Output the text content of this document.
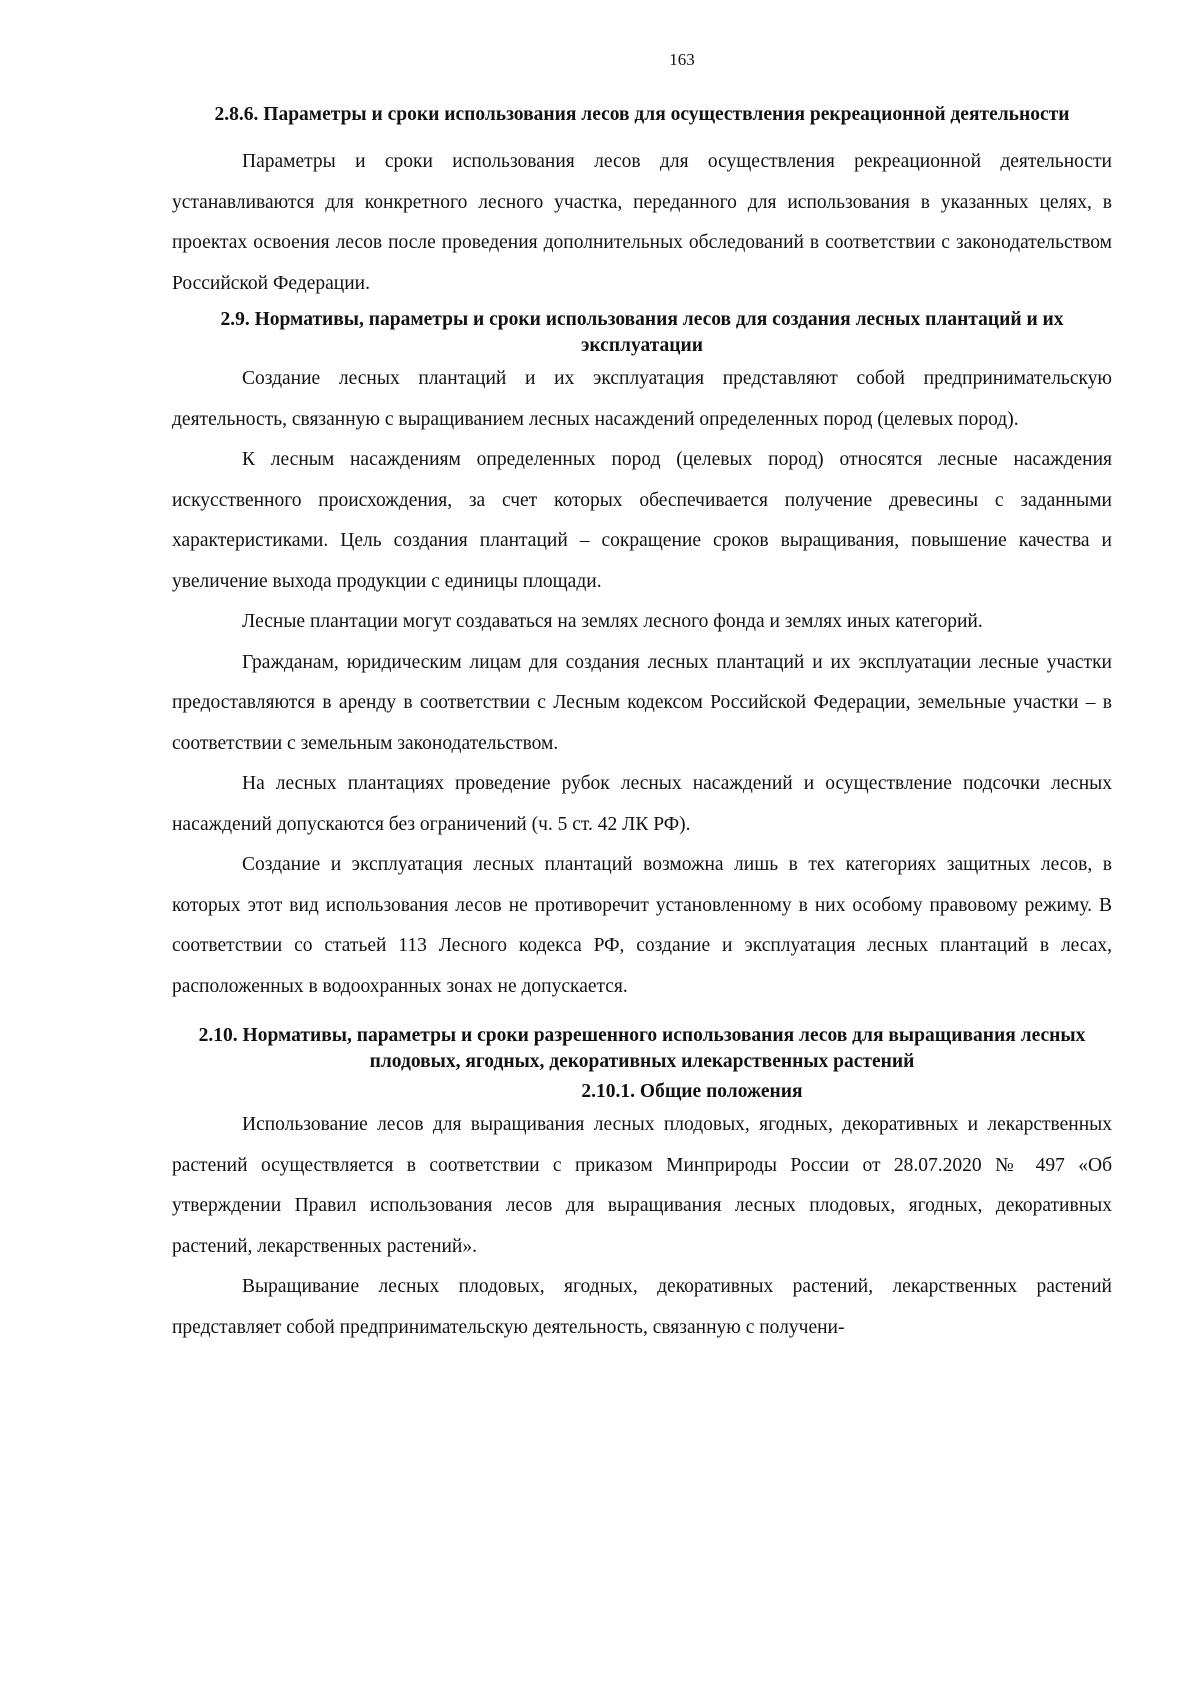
163
2.8.6. Параметры и сроки использования лесов для осуществления рекреационной деятельности

Параметры и сроки использования лесов для осуществления рекреационной деятельности устанавливаются для конкретного лесного участка, переданного для использования в указанных целях, в проектах освоения лесов после проведения дополнительных обследований в соответствии с законодательством Российской Федерации.

2.9. Нормативы, параметры и сроки использования лесов для создания лесных плантаций и их эксплуатации

Создание лесных плантаций и их эксплуатация представляют собой предпринимательскую деятельность, связанную с выращиванием лесных насаждений определенных пород (целевых пород).

К лесным насаждениям определенных пород (целевых пород) относятся лесные насаждения искусственного происхождения, за счет которых обеспечивается получение древесины с заданными характеристиками. Цель создания плантаций – сокращение сроков выращивания, повышение качества и увеличение выхода продукции с единицы площади.

Лесные плантации могут создаваться на землях лесного фонда и землях иных категорий.

Гражданам, юридическим лицам для создания лесных плантаций и их эксплуатации лесные участки предоставляются в аренду в соответствии с Лесным кодексом Российской Федерации, земельные участки – в соответствии с земельным законодательством.

На лесных плантациях проведение рубок лесных насаждений и осуществление подсочки лесных насаждений допускаются без ограничений (ч. 5 ст. 42 ЛК РФ).

Создание и эксплуатация лесных плантаций возможна лишь в тех категориях защитных лесов, в которых этот вид использования лесов не противоречит установленному в них особому правовому режиму. В соответствии со статьей 113 Лесного кодекса РФ, создание и эксплуатация лесных плантаций в лесах, расположенных в водоохранных зонах не допускается.

2.10. Нормативы, параметры и сроки разрешенного использования лесов для выращивания лесных плодовых, ягодных, декоративных илекарственных растений
2.10.1. Общие положения

Использование лесов для выращивания лесных плодовых, ягодных, декоративных и лекарственных растений осуществляется в соответствии с приказом Минприроды России от 28.07.2020 № 497 «Об утверждении Правил использования лесов для выращивания лесных плодовых, ягодных, декоративных растений, лекарственных растений».

Выращивание лесных плодовых, ягодных, декоративных растений, лекарственных растений представляет собой предпринимательскую деятельность, связанную с получени-
